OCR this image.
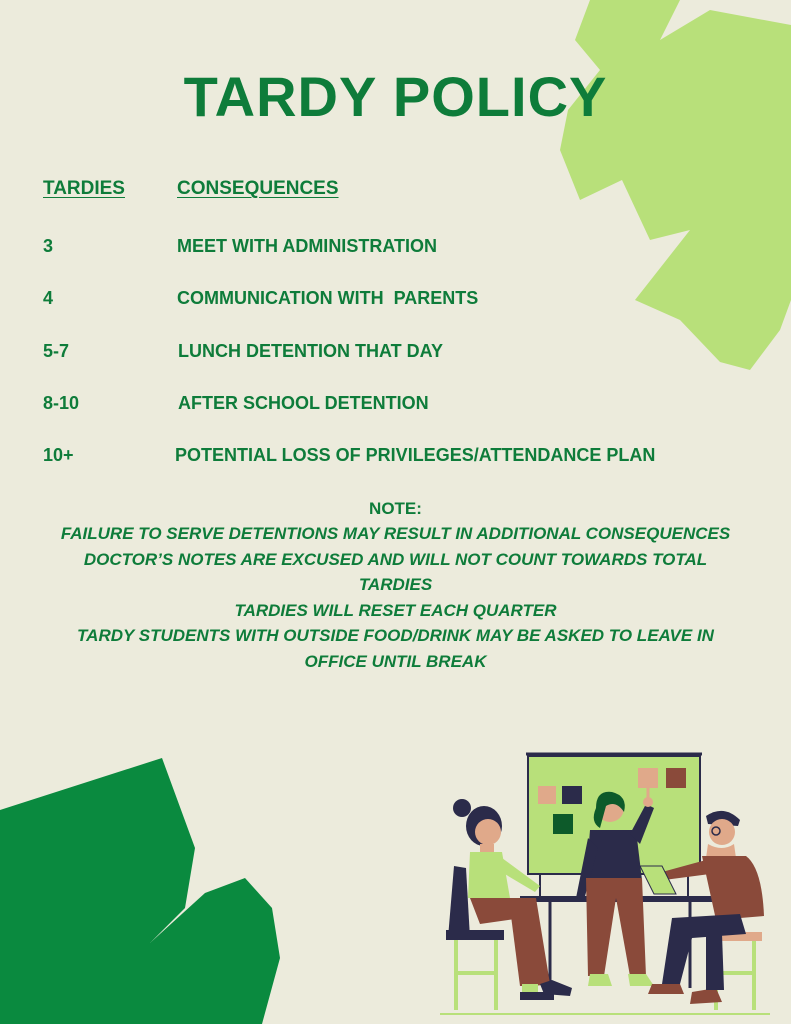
TARDY POLICY
TARDIES	CONSEQUENCES
3	MEET WITH ADMINISTRATION
4	COMMUNICATION WITH  PARENTS
5-7	LUNCH DETENTION THAT DAY
8-10	AFTER SCHOOL DETENTION
10+	POTENTIAL LOSS OF PRIVILEGES/ATTENDANCE PLAN
NOTE:
FAILURE TO SERVE DETENTIONS MAY RESULT IN ADDITIONAL CONSEQUENCES
DOCTOR’S NOTES ARE EXCUSED AND WILL NOT COUNT TOWARDS TOTAL
TARDIES
TARDIES WILL RESET EACH QUARTER
TARDY STUDENTS WITH OUTSIDE FOOD/DRINK MAY BE ASKED TO LEAVE IN
OFFICE UNTIL BREAK
